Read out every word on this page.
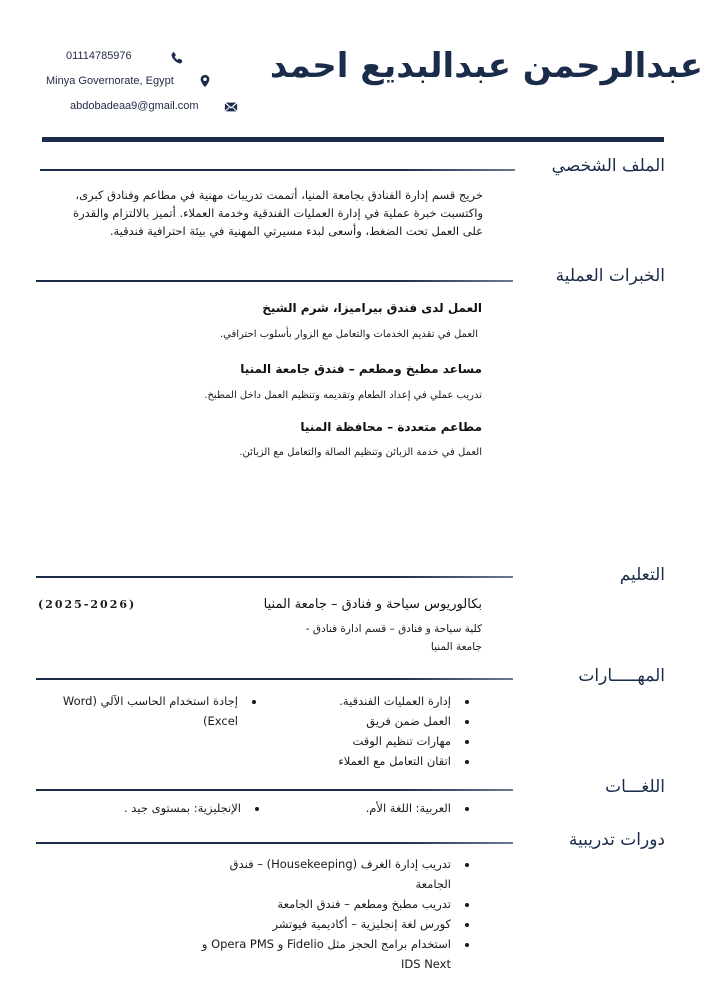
01114785976
Minya Governorate, Egypt
abdobadeaa9@gmail.com
عبدالرحمن عبدالبديع احمد
الملف الشخصي
خريج قسم إدارة الفنادق بجامعة المنيا، أتممت تدريبات مهنية في مطاعم وفنادق كبرى،
واكتسبت خبرة عملية في إدارة العمليات الفندقية وخدمة العملاء. أتميز بالالتزام والقدرة
على العمل تحت الضغط، وأسعى لبدء مسيرتي المهنية في بيئة احترافية فندقية.
الخبرات العملية
العمل لدى فندق بيراميزا، شرم الشيخ
العمل في تقديم الخدمات والتعامل مع الزوار بأسلوب احترافي.
مساعد مطبخ ومطعم – فندق جامعة المنيا
تدريب عملي في إعداد الطعام وتقديمه وتنظيم العمل داخل المطبخ.
مطاعم متعددة – محافظة المنيا
العمل في خدمة الزبائن وتنظيم الصالة والتعامل مع الزبائن.
التعليم
بكالوريوس سياحة و فنادق – جامعة المنيا
(2025-2026)
كلية سياحة و فنادق – قسم ادارة فنادق -
جامعة المنيا
المهـــــارات
• إدارة العمليات الفندقية.
• العمل ضمن فريق
• مهارات تنظيم الوقت
• اتقان التعامل مع العملاء
• إجادة استخدام الحاسب الآلي (Word Excel)
اللغـــات
• العربية: اللغة الأم.
• الإنجليزية: بمستوى جيد .
دورات تدريبية
• تدريب إدارة الغرف (Housekeeping) – فندق الجامعة
• تدريب مطبخ ومطعم – فندق الجامعة
• كورس لغة إنجليزية – أكاديمية فيوتشر
• استخدام برامج الحجز مثل Fidelio و Opera PMS و IDS Next
